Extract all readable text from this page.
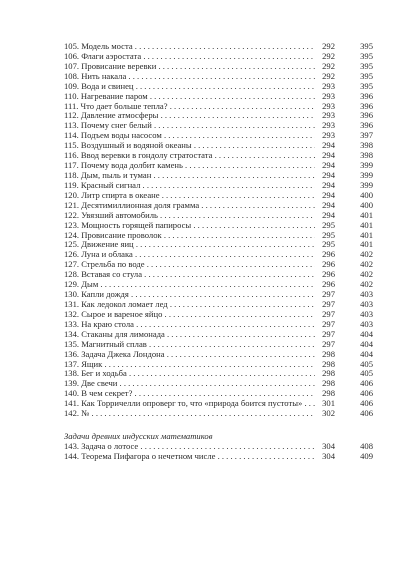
105. Модель моста . . .	292	395
106. Флаги аэростата . . .	292	395
107. Провисание веревки . . .	292	395
108. Нить накала . . .	292	395
109. Вода и свинец . . .	293	395
110. Нагревание паром . . .	293	396
111. Что дает больше тепла? . . .	293	396
112. Давление атмосферы . . .	293	396
113. Почему снег белый . . .	293	396
114. Подъем воды насосом . . .	293	397
115. Воздушный и водяной океаны . . .	294	398
116. Ввод веревки в гондолу стратостата . . .	294	398
117. Почему вода долбит камень . . .	294	399
118. Дым, пыль и туман . . .	294	399
119. Красный сигнал . . .	294	399
120. Литр спирта в океане . . .	294	400
121. Десятимиллионная доля грамма . . .	294	400
122. Увязший автомобиль . . .	294	401
123. Мощность горящей папиросы . . .	295	401
124. Провисание проволок . . .	295	401
125. Движение яиц . . .	295	401
126. Луна и облака . . .	296	402
127. Стрельба по воде . . .	296	402
128. Вставая со стула . . .	296	402
129. Дым . . .	296	402
130. Капли дождя . . .	297	403
131. Как ледокол ломает лед . . .	297	403
132. Сырое и вареное яйцо . . .	297	403
133. На краю стола . . .	297	403
134. Стаканы для лимонада . . .	297	404
135. Магнитный сплав . . .	297	404
136. Задача Джека Лондона . . .	298	404
137. Ящик . . .	298	405
138. Бег и ходьба . . .	298	405
139. Две свечи . . .	298	406
140. В чем секрет? . . .	298	406
141. Как Торричелли опроверг то, что «природа боится пустоты» . . .	301	406
142. № . . .	302	406
Задачи древних индусских математиков
143. Задача о лотосе . . .	304	408
144. Теорема Пифагора о нечетном числе . . .	304	409
